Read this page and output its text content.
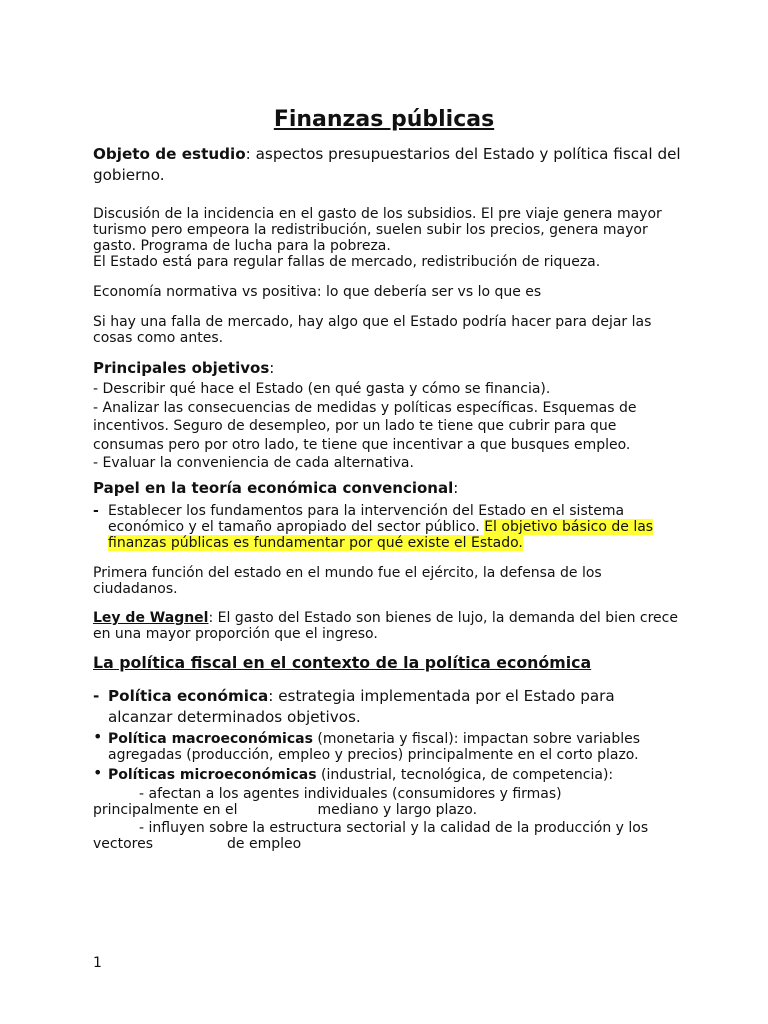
Finanzas públicas

Objeto de estudio: aspectos presupuestarios del Estado y política fiscal del gobierno.

Discusión de la incidencia en el gasto de los subsidios. El pre viaje genera mayor turismo pero empeora la redistribución, suelen subir los precios, genera mayor gasto. Programa de lucha para la pobreza.
El Estado está para regular fallas de mercado, redistribución de riqueza.

Economía normativa vs positiva: lo que debería ser vs lo que es

Si hay una falla de mercado, hay algo que el Estado podría hacer para dejar las cosas como antes.

Principales objetivos:

- Describir qué hace el Estado (en qué gasta y cómo se financia).
- Analizar las consecuencias de medidas y políticas específicas. Esquemas de incentivos. Seguro de desempleo, por un lado te tiene que cubrir para que consumas pero por otro lado, te tiene que incentivar a que busques empleo.
- Evaluar la conveniencia de cada alternativa.

Papel en la teoría económica convencional:

- Establecer los fundamentos para la intervención del Estado en el sistema económico y el tamaño apropiado del sector público. El objetivo básico de las finanzas públicas es fundamentar por qué existe el Estado.

Primera función del estado en el mundo fue el ejército, la defensa de los ciudadanos.

Ley de Wagnel: El gasto del Estado son bienes de lujo, la demanda del bien crece en una mayor proporción que el ingreso.

La política fiscal en el contexto de la política económica

- Política económica: estrategia implementada por el Estado para alcanzar determinados objetivos.
• Política macroeconómicas (monetaria y fiscal): impactan sobre variables agregadas (producción, empleo y precios) principalmente en el corto plazo.
• Políticas microeconómicas (industrial, tecnológica, de competencia):
- afectan a los agentes individuales (consumidores y firmas)
principalmente en el	mediano y largo plazo.
- influyen sobre la estructura sectorial y la calidad de la producción y los
vectores	de empleo
1
